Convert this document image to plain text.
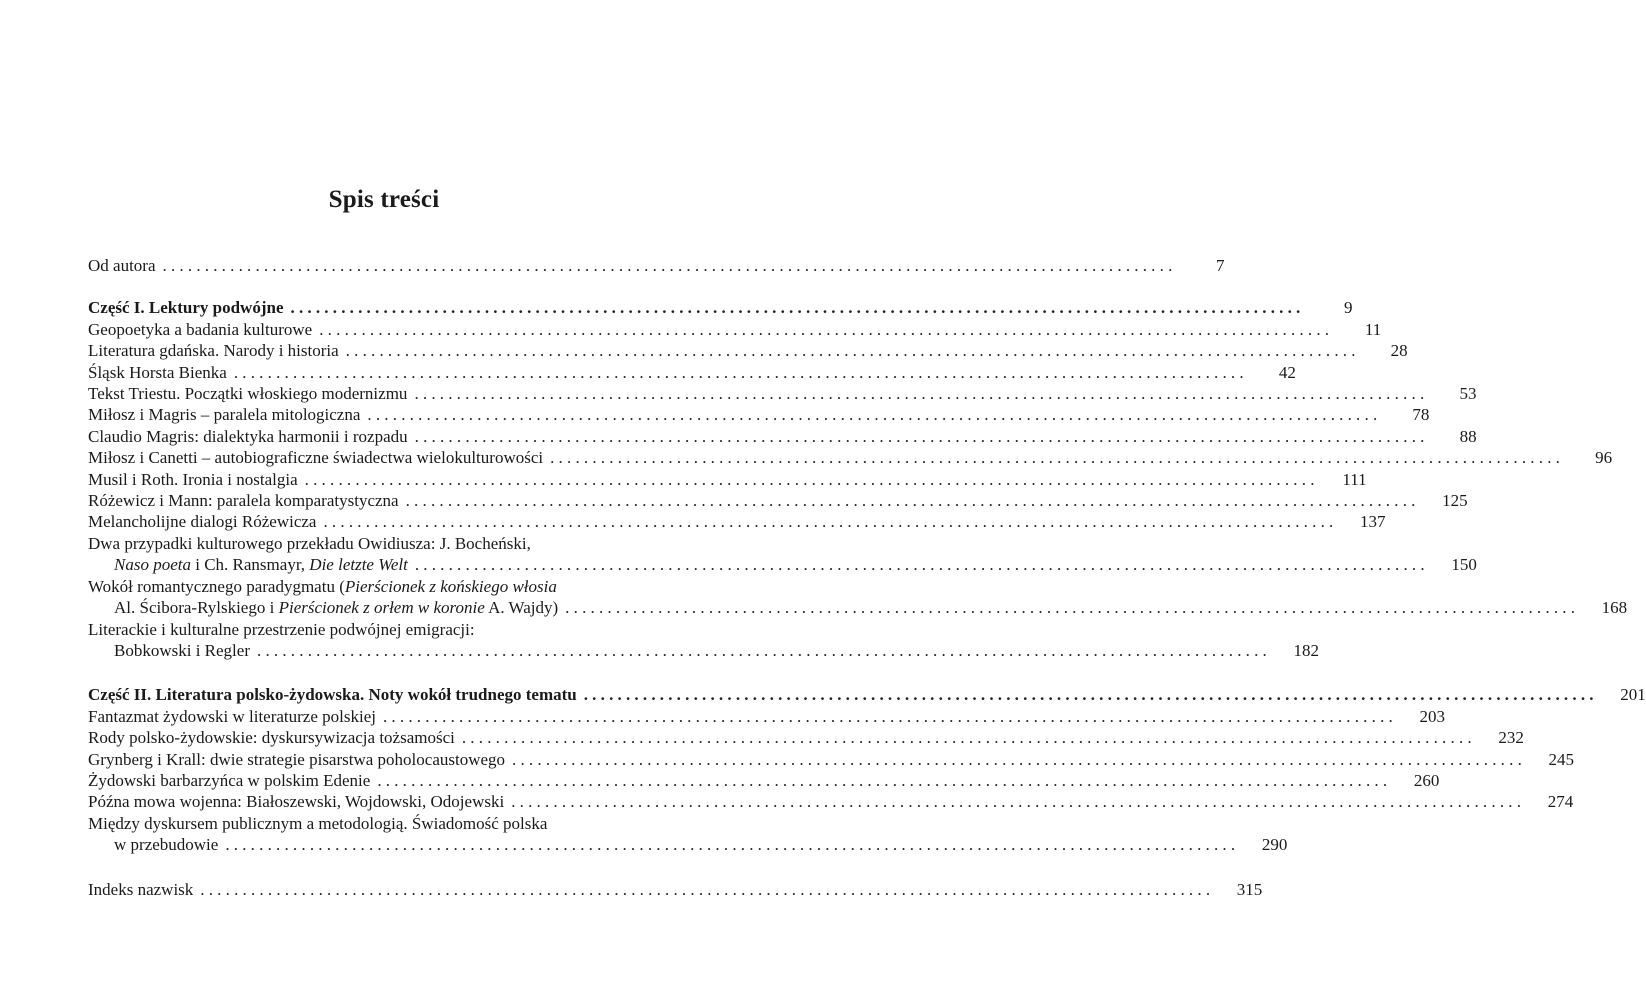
Spis treści
Od autora ........................................................................................................................	7
Część I. Lektury podwójne ........................................................................................................................	9
Geopoetyka a badania kulturowe ........................................................................................................................	11
Literatura gdańska. Narody i historia ........................................................................................................................	28
Śląsk Horsta Bienka ........................................................................................................................	42
Tekst Triestu. Początki włoskiego modernizmu ........................................................................................................................	53
Miłosz i Magris – paralela mitologiczna ........................................................................................................................	78
Claudio Magris: dialektyka harmonii i rozpadu ........................................................................................................................	88
Miłosz i Canetti – autobiograficzne świadectwa wielokulturowości ........................................................................................................................	96
Musil i Roth. Ironia i nostalgia ........................................................................................................................	111
Różewicz i Mann: paralela komparatystyczna ........................................................................................................................	125
Melancholijne dialogi Różewicza ........................................................................................................................	137
Dwa przypadki kulturowego przekładu Owidiusza: J. Bocheński,
Naso poeta i Ch. Ransmayr, Die letzte Welt ........................................................................................................................	150
Wokół romantycznego paradygmatu (Pierścionek z końskiego włosia
Al. Ścibora-Rylskiego i Pierścionek z orłem w koronie A. Wajdy) ........................................................................................................................	168
Literackie i kulturalne przestrzenie podwójnej emigracji:
Bobkowski i Regler ........................................................................................................................	182
Część II. Literatura polsko-żydowska. Noty wokół trudnego tematu ........................................................................................................................	201
Fantazmat żydowski w literaturze polskiej ........................................................................................................................	203
Rody polsko-żydowskie: dyskursywizacja tożsamości ........................................................................................................................	232
Grynberg i Krall: dwie strategie pisarstwa poholocaustowego ........................................................................................................................	245
Żydowski barbarzyńca w polskim Edenie ........................................................................................................................	260
Późna mowa wojenna: Białoszewski, Wojdowski, Odojewski ........................................................................................................................	274
Między dyskursem publicznym a metodologią. Świadomość polska
w przebudowie ........................................................................................................................	290
Indeks nazwisk ........................................................................................................................	315
